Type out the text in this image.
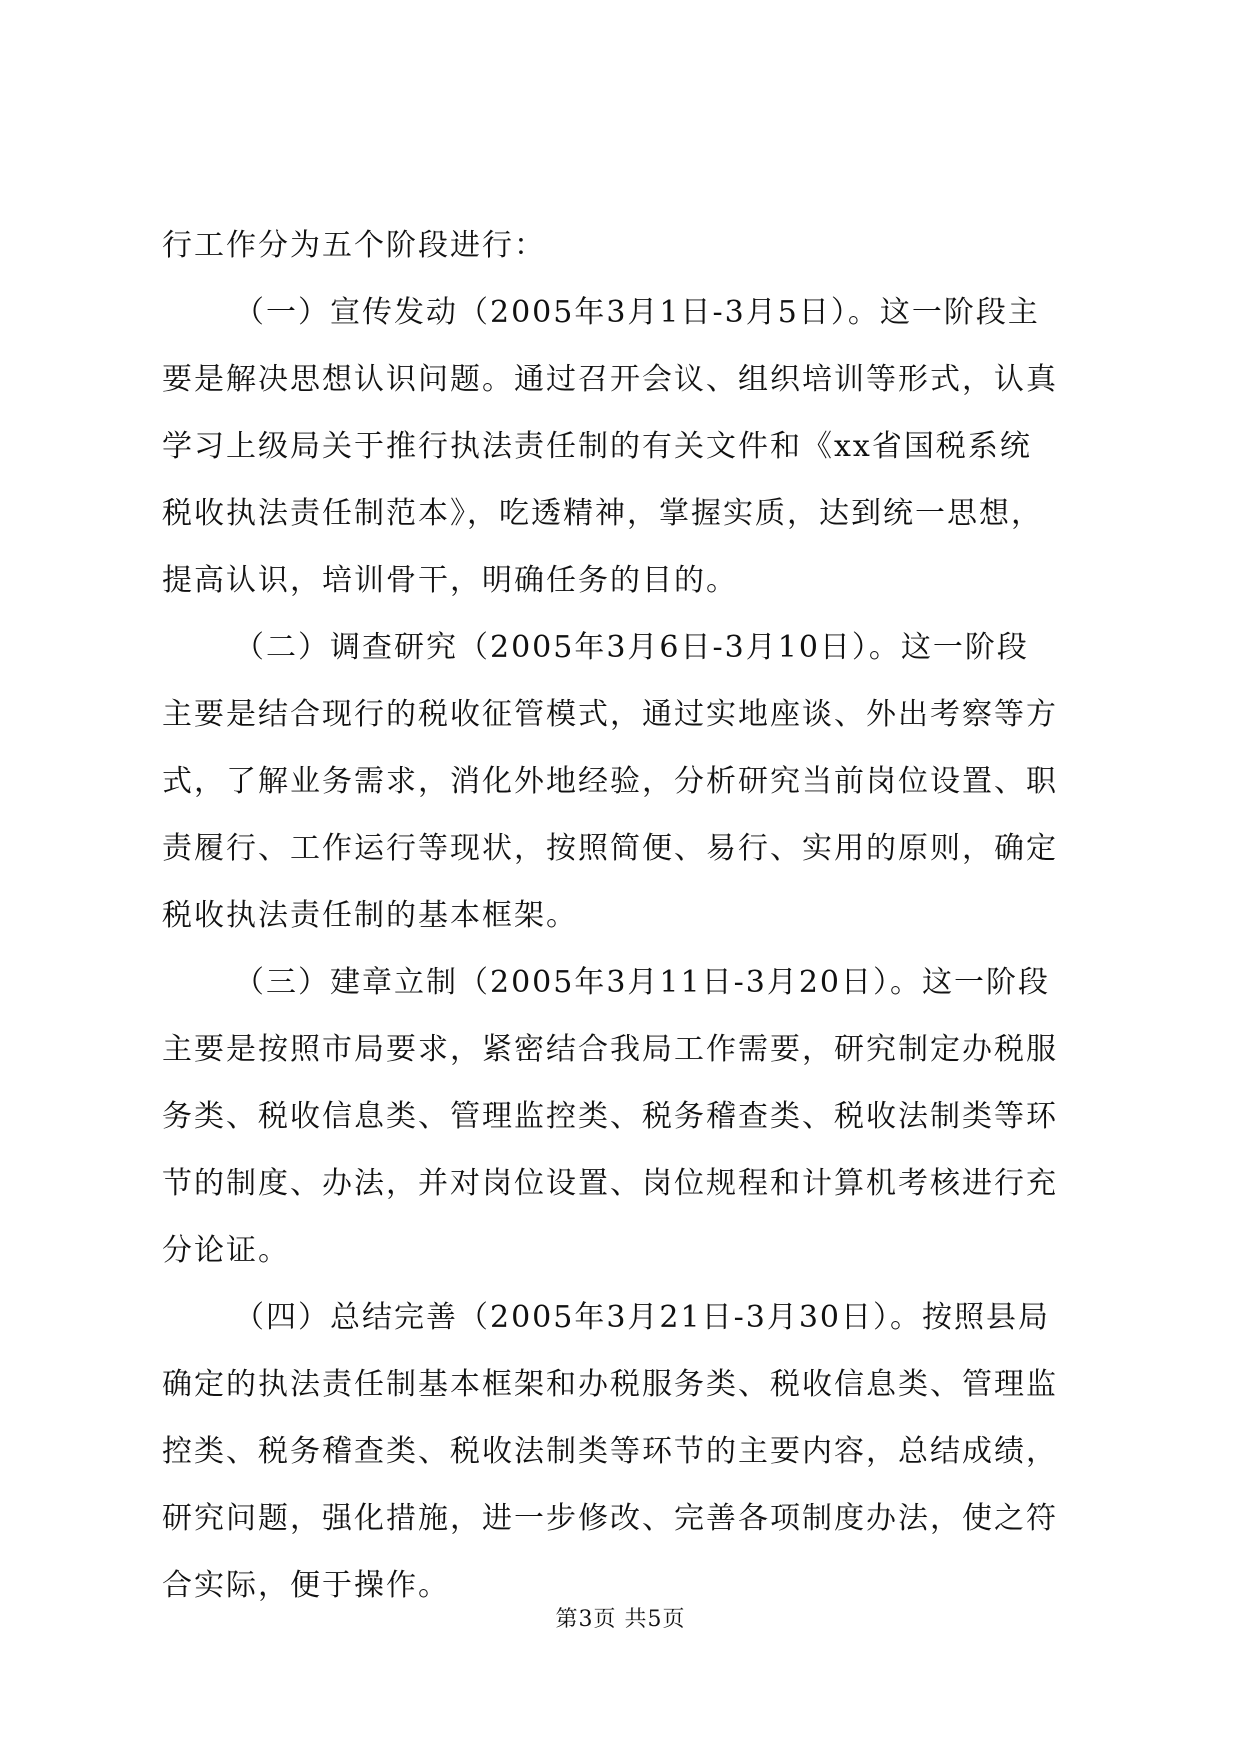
行工作分为五个阶段进行：
（一）宣传发动（2005年3月1日-3月5日）。这一阶段主
要是解决思想认识问题。通过召开会议、组织培训等形式，认真
学习上级局关于推行执法责任制的有关文件和《xx省国税系统
税收执法责任制范本》，吃透精神，掌握实质，达到统一思想，
提高认识，培训骨干，明确任务的目的。
（二）调查研究（2005年3月6日-3月10日）。这一阶段
主要是结合现行的税收征管模式，通过实地座谈、外出考察等方
式，了解业务需求，消化外地经验，分析研究当前岗位设置、职
责履行、工作运行等现状，按照简便、易行、实用的原则，确定
税收执法责任制的基本框架。
（三）建章立制（2005年3月11日-3月20日）。这一阶段
主要是按照市局要求，紧密结合我局工作需要，研究制定办税服
务类、税收信息类、管理监控类、税务稽查类、税收法制类等环
节的制度、办法，并对岗位设置、岗位规程和计算机考核进行充
分论证。
（四）总结完善（2005年3月21日-3月30日）。按照县局
确定的执法责任制基本框架和办税服务类、税收信息类、管理监
控类、税务稽查类、税收法制类等环节的主要内容，总结成绩，
研究问题，强化措施，进一步修改、完善各项制度办法，使之符
合实际，便于操作。
第3页 共5页
